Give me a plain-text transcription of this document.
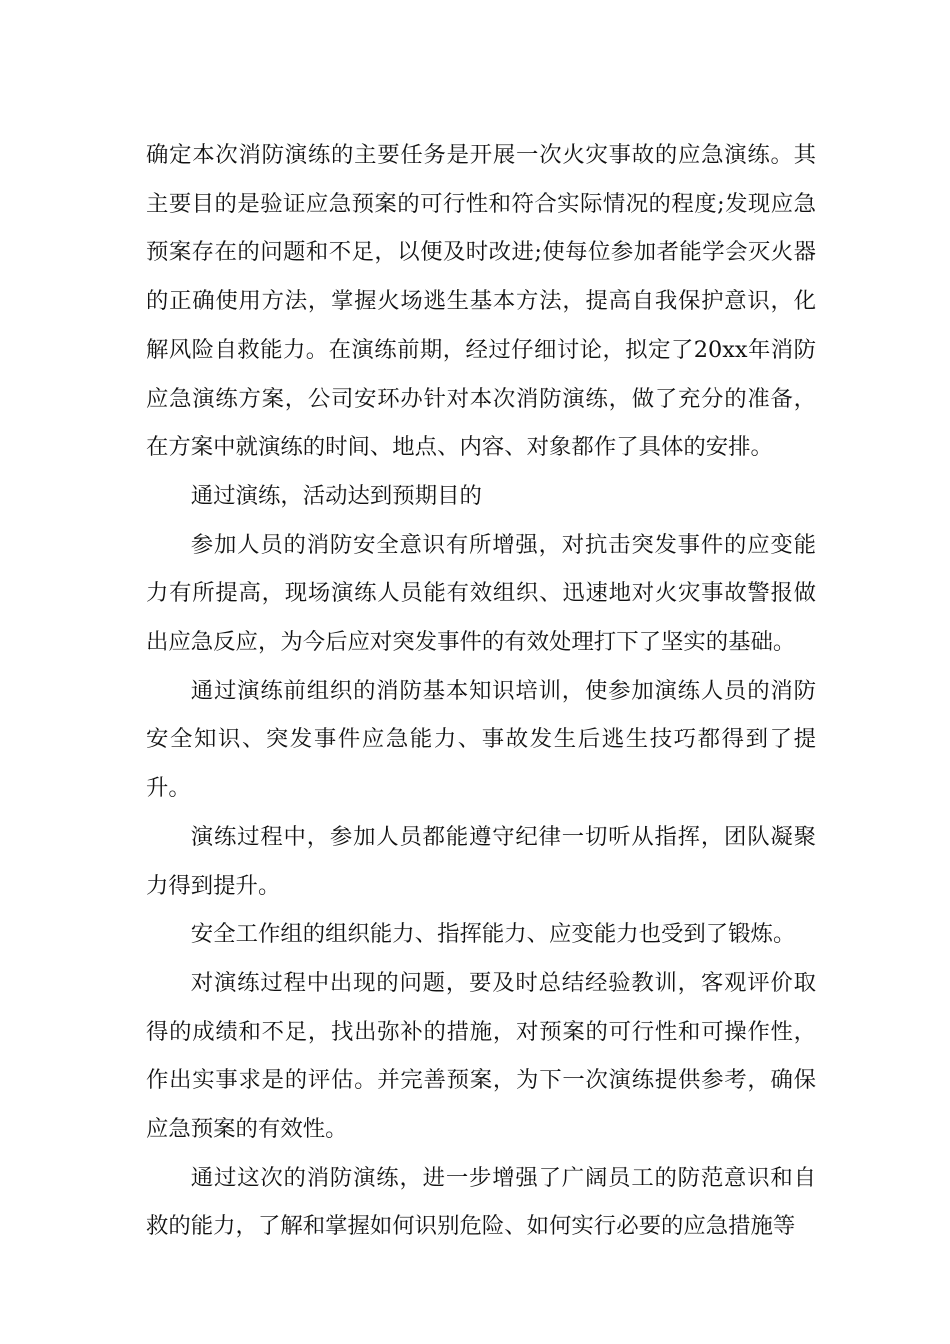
确定本次消防演练的主要任务是开展一次火灾事故的应急演练。其主要目的是验证应急预案的可行性和符合实际情况的程度;发现应急预案存在的问题和不足，以便及时改进;使每位参加者能学会灭火器的正确使用方法，掌握火场逃生基本方法，提高自我保护意识，化解风险自救能力。在演练前期，经过仔细讨论，拟定了20xx年消防应急演练方案，公司安环办针对本次消防演练，做了充分的准备，在方案中就演练的时间、地点、内容、对象都作了具体的安排。

通过演练，活动达到预期目的

参加人员的消防安全意识有所增强，对抗击突发事件的应变能力有所提高，现场演练人员能有效组织、迅速地对火灾事故警报做出应急反应，为今后应对突发事件的有效处理打下了坚实的基础。

通过演练前组织的消防基本知识培训，使参加演练人员的消防安全知识、突发事件应急能力、事故发生后逃生技巧都得到了提升。

演练过程中，参加人员都能遵守纪律一切听从指挥，团队凝聚力得到提升。

安全工作组的组织能力、指挥能力、应变能力也受到了锻炼。

对演练过程中出现的问题，要及时总结经验教训，客观评价取得的成绩和不足，找出弥补的措施，对预案的可行性和可操作性，作出实事求是的评估。并完善预案，为下一次演练提供参考，确保应急预案的有效性。

通过这次的消防演练，进一步增强了广阔员工的防范意识和自救的能力，了解和掌握如何识别危险、如何实行必要的应急措施等
